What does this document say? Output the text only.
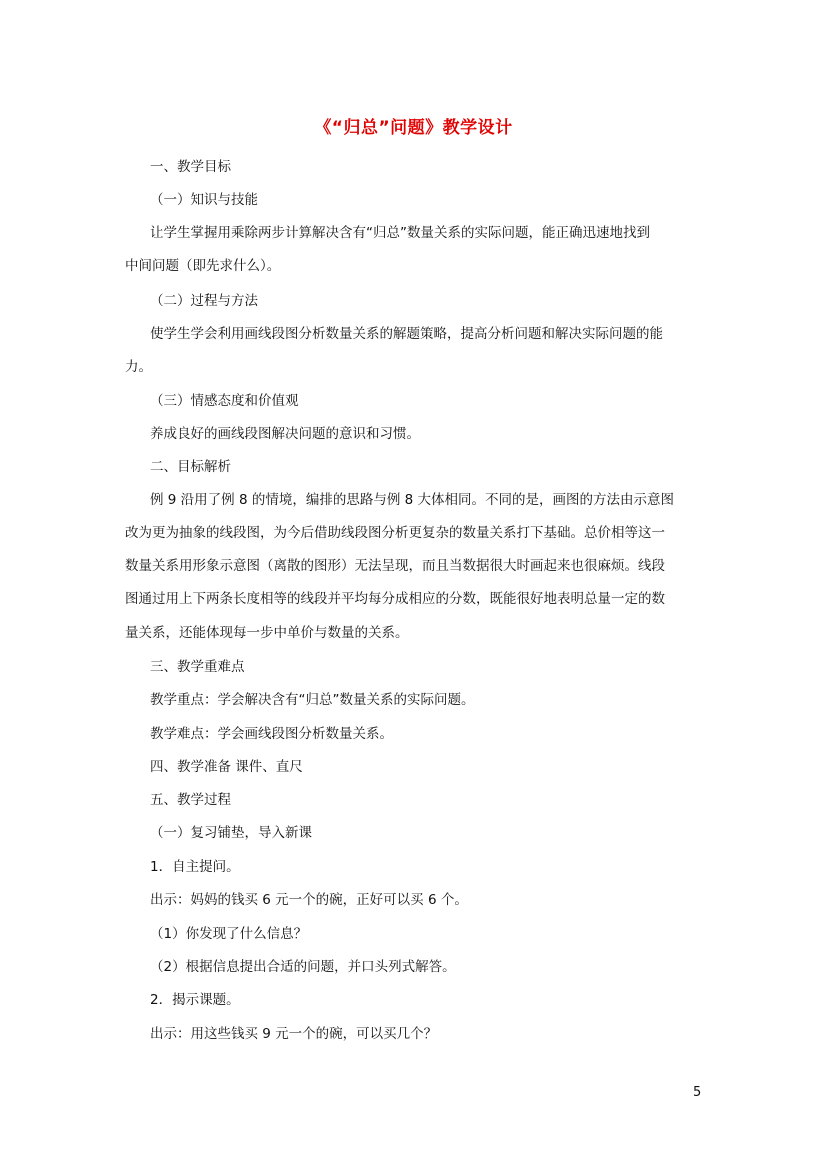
《“归总”问题》教学设计
一、教学目标
（一）知识与技能
让学生掌握用乘除两步计算解决含有“归总”数量关系的实际问题，能正确迅速地找到
中间问题（即先求什么）。
（二）过程与方法
使学生学会利用画线段图分析数量关系的解题策略，提高分析问题和解决实际问题的能
力。
（三）情感态度和价值观
养成良好的画线段图解决问题的意识和习惯。
二、目标解析
例 9 沿用了例 8 的情境，编排的思路与例 8 大体相同。不同的是，画图的方法由示意图
改为更为抽象的线段图，为今后借助线段图分析更复杂的数量关系打下基础。总价相等这一
数量关系用形象示意图（离散的图形）无法呈现，而且当数据很大时画起来也很麻烦。线段
图通过用上下两条长度相等的线段并平均每分成相应的分数，既能很好地表明总量一定的数
量关系，还能体现每一步中单价与数量的关系。
三、教学重难点
教学重点：学会解决含有“归总”数量关系的实际问题。
教学难点：学会画线段图分析数量关系。
四、教学准备 课件、直尺
五、教学过程
（一）复习铺垫，导入新课
1．自主提问。
出示：妈妈的钱买 6 元一个的碗，正好可以买 6 个。
（1）你发现了什么信息？
（2）根据信息提出合适的问题，并口头列式解答。
2．揭示课题。
出示：用这些钱买 9 元一个的碗，可以买几个？
5
